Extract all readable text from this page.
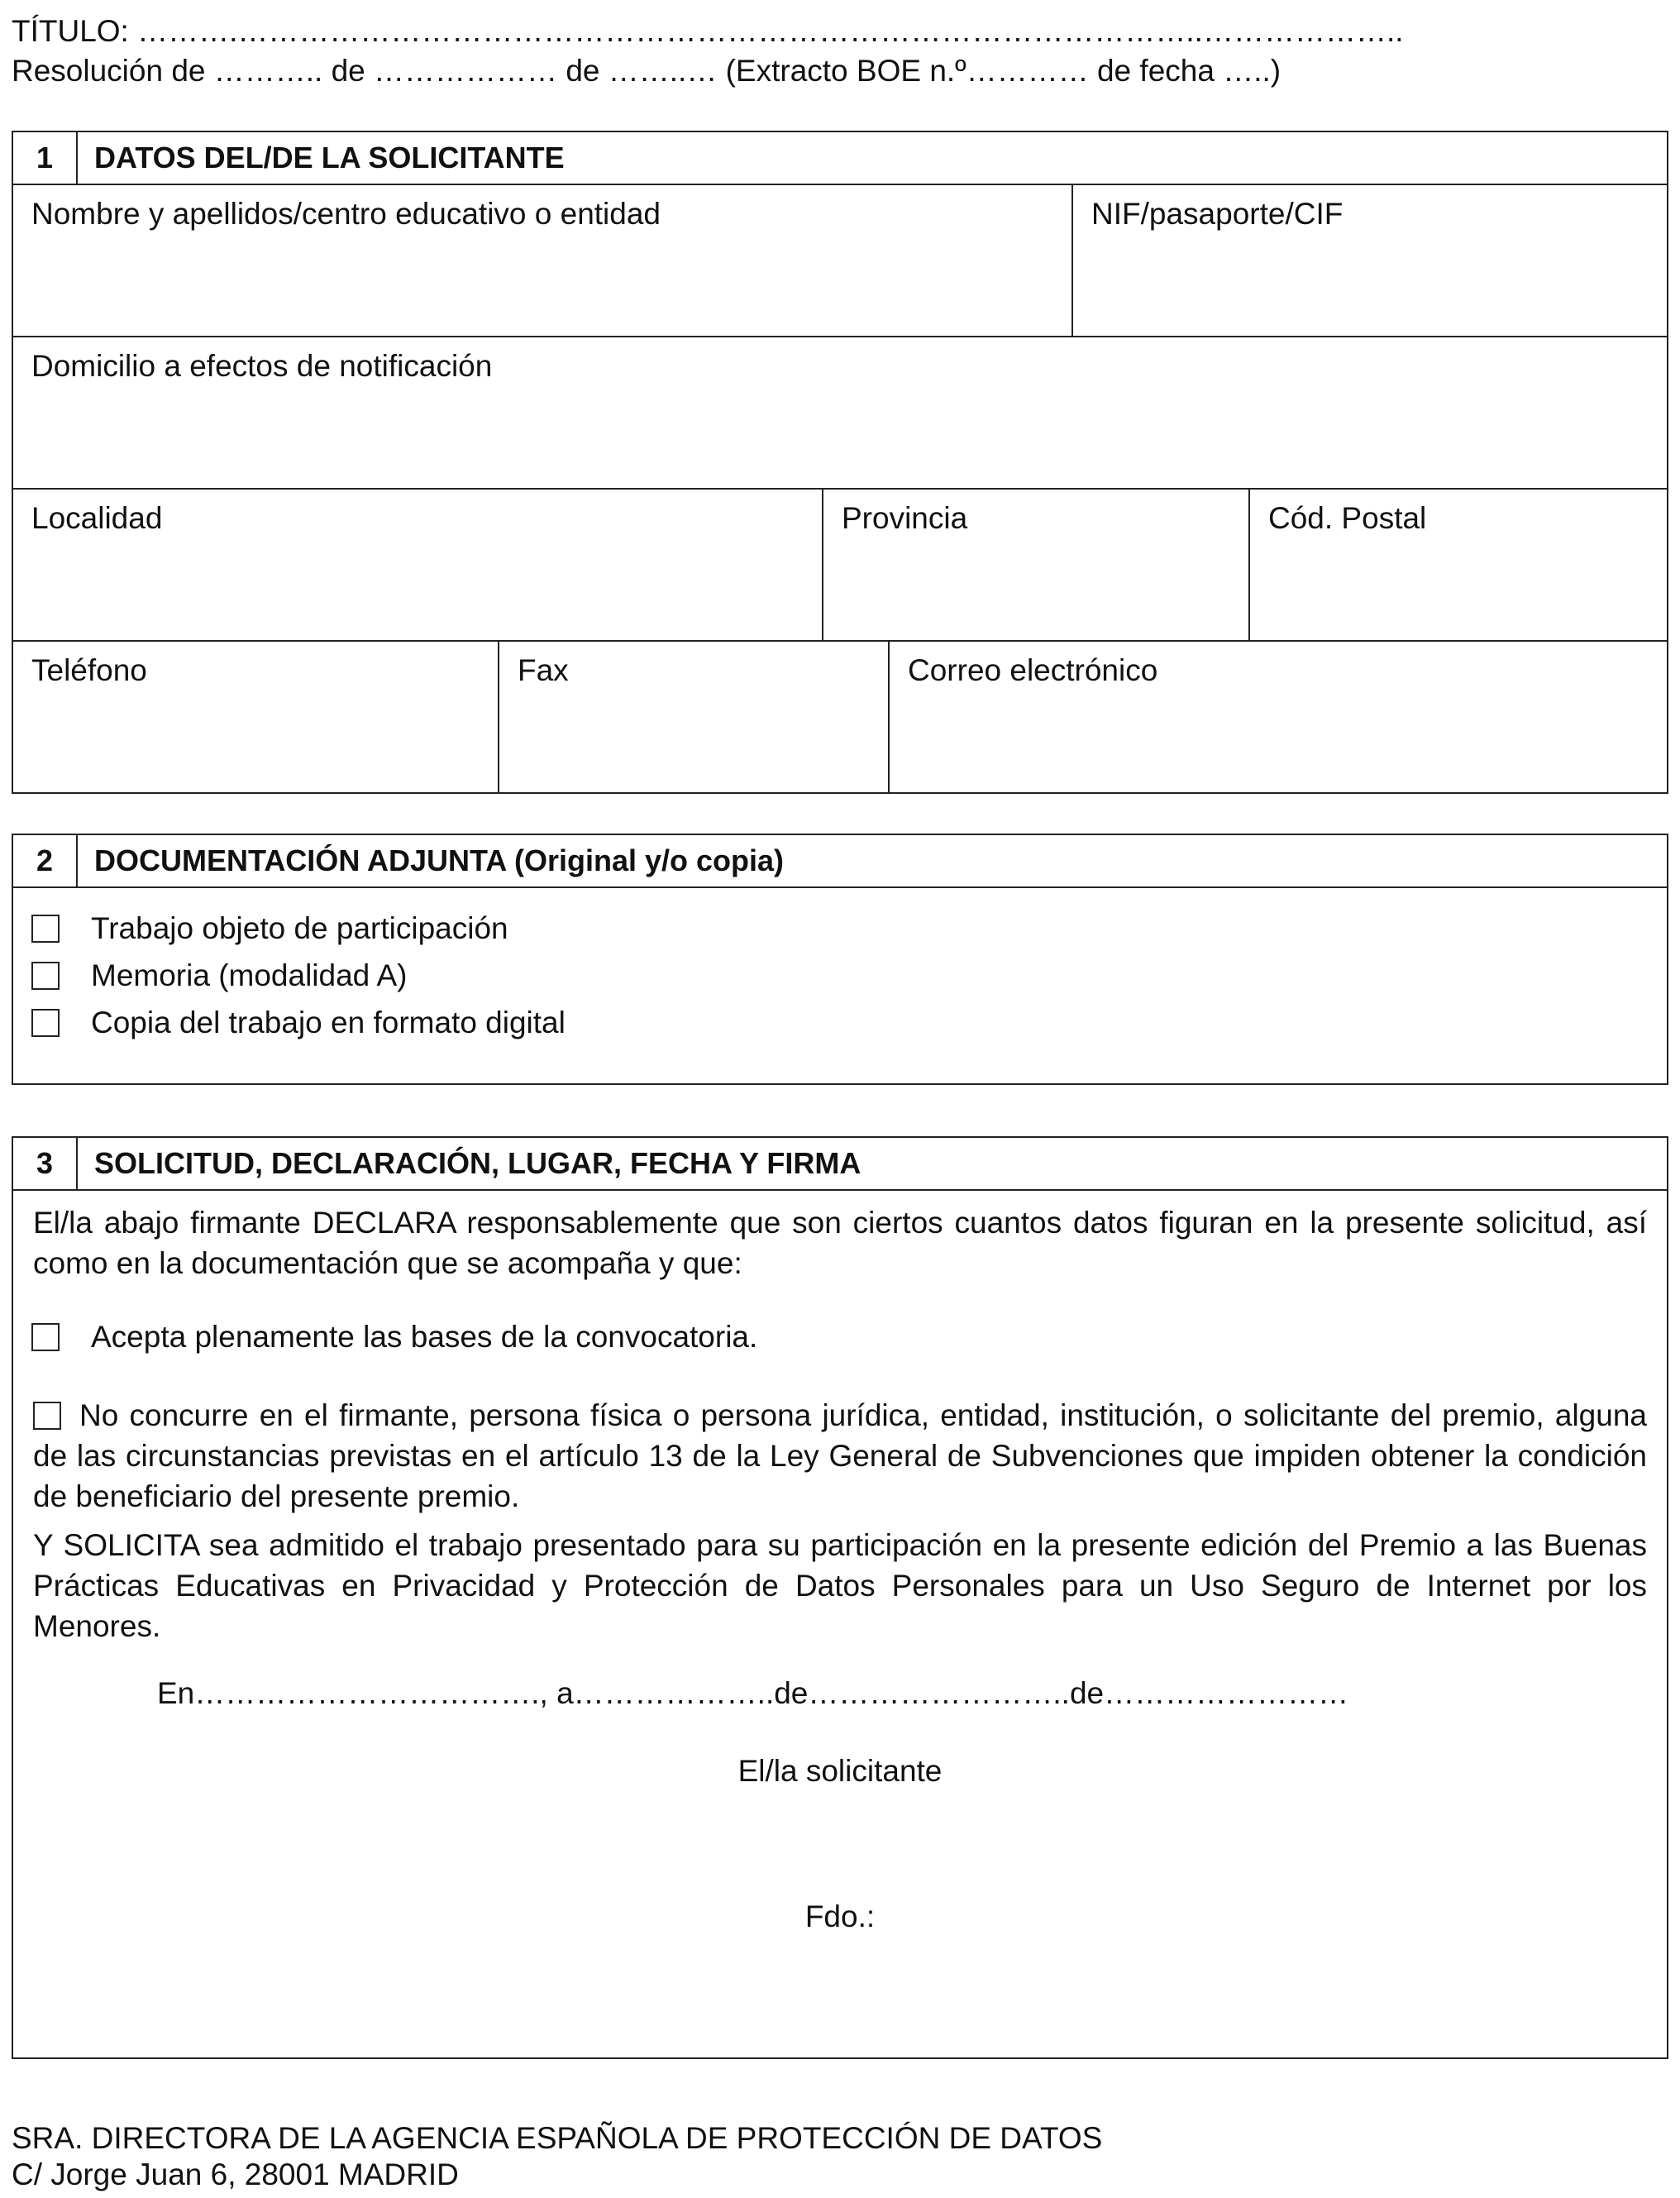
TÍTULO: ……….…………………………………………………………………………………..………………..
Resolución de ……….. de ……………… de ……..… (Extracto BOE n.º………… de fecha …..)
1	DATOS DEL/DE LA SOLICITANTE
Nombre y apellidos/centro educativo o entidad	NIF/pasaporte/CIF
Domicilio a efectos de notificación
Localidad	Provincia	Cód. Postal
Teléfono	Fax	Correo electrónico
2	DOCUMENTACIÓN ADJUNTA (Original y/o copia)
Trabajo objeto de participación
Memoria (modalidad A)
Copia del trabajo en formato digital
3	SOLICITUD, DECLARACIÓN, LUGAR, FECHA Y FIRMA
El/la abajo firmante DECLARA responsablemente que son ciertos cuantos datos figuran en la presente solicitud, así como en la documentación que se acompaña y que:
Acepta plenamente las bases de la convocatoria.
No concurre en el firmante, persona física o persona jurídica, entidad, institución, o solicitante del premio, alguna de las circunstancias previstas en el artículo 13 de la Ley General de Subvenciones que impiden obtener la condición de beneficiario del presente premio.
Y SOLICITA sea admitido el trabajo presentado para su participación en la presente edición del Premio a las Buenas Prácticas Educativas en Privacidad y Protección de Datos Personales para un Uso Seguro de Internet por los Menores.
En……………………………., a………………..de……………………..de……………………
El/la solicitante
Fdo.:
SRA. DIRECTORA DE LA AGENCIA ESPAÑOLA DE PROTECCIÓN DE DATOS
C/ Jorge Juan 6, 28001 MADRID
